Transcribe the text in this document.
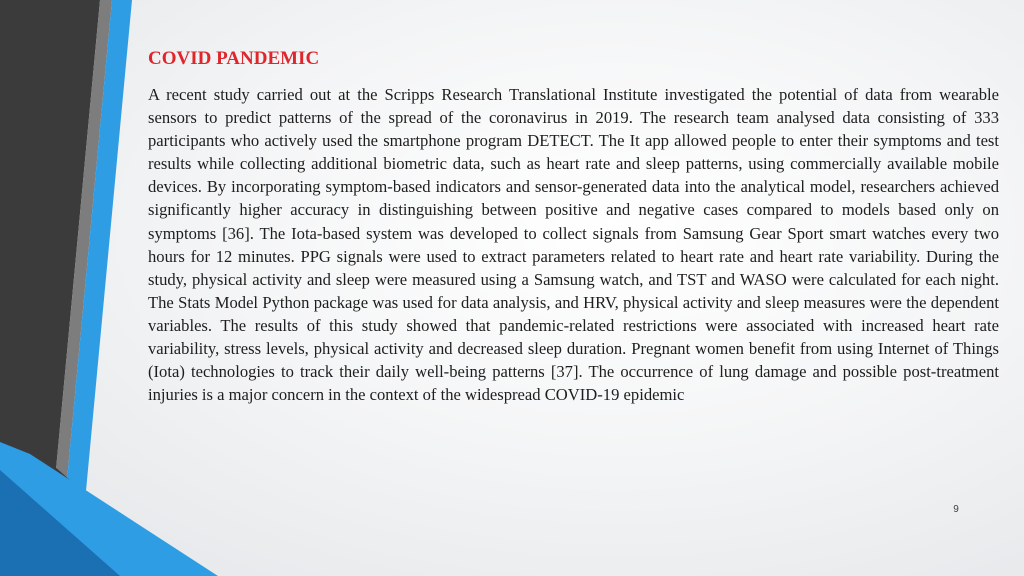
COVID PANDEMIC

A recent study carried out at the Scripps Research Translational Institute investigated the potential of data from wearable sensors to predict patterns of the spread of the coronavirus in 2019. The research team analysed data consisting of 333 participants who actively used the smartphone program DETECT. The It app allowed people to enter their symptoms and test results while collecting additional biometric data, such as heart rate and sleep patterns, using commercially available mobile devices. By incorporating symptom-based indicators and sensor-generated data into the analytical model, researchers achieved significantly higher accuracy in distinguishing between positive and negative cases compared to models based only on symptoms [36]. The Iota-based system was developed to collect signals from Samsung Gear Sport smart watches every two hours for 12 minutes. PPG signals were used to extract parameters related to heart rate and heart rate variability. During the study, physical activity and sleep were measured using a Samsung watch, and TST and WASO were calculated for each night. The Stats Model Python package was used for data analysis, and HRV, physical activity and sleep measures were the dependent variables. The results of this study showed that pandemic-related restrictions were associated with increased heart rate variability, stress levels, physical activity and decreased sleep duration. Pregnant women benefit from using Internet of Things (Iota) technologies to track their daily well-being patterns [37]. The occurrence of lung damage and possible post-treatment injuries is a major concern in the context of the widespread COVID-19 epidemic

9
